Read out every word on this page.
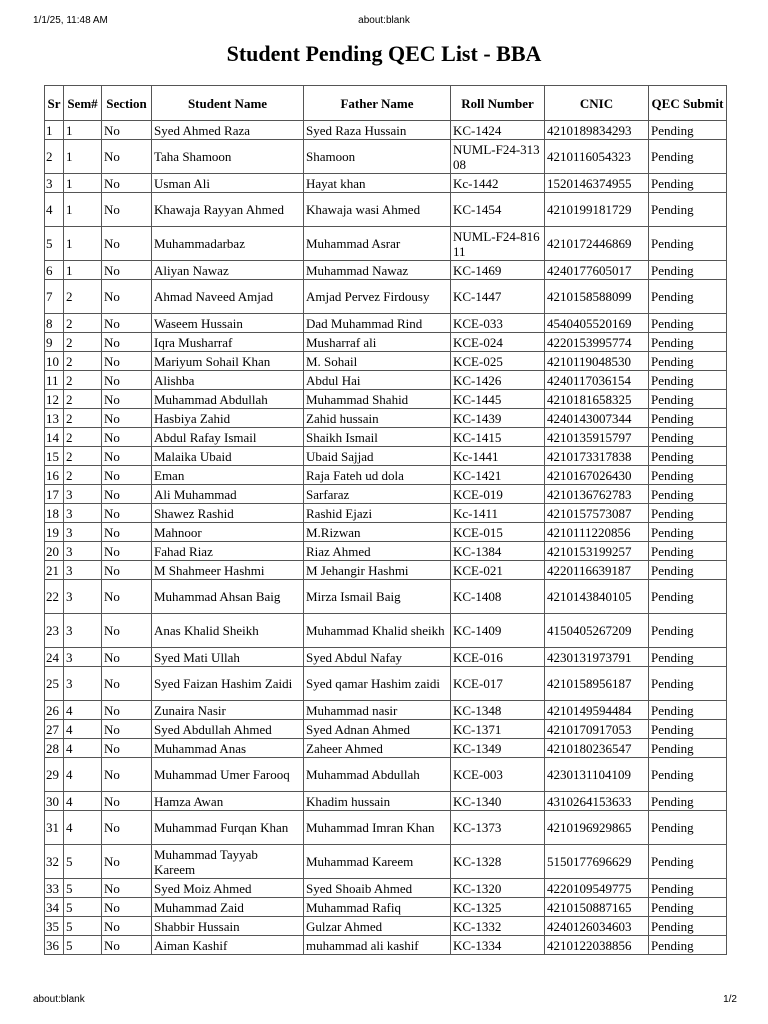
1/1/25, 11:48 AM	about:blank
Student Pending QEC List - BBA
Sr	Sem#	Section	Student Name	Father Name	Roll Number	CNIC	QEC Submit
1	1	No	Syed Ahmed Raza	Syed Raza Hussain	KC-1424	4210189834293	Pending
2	1	No	Taha Shamoon	Shamoon	NUML-F24-31308	4210116054323	Pending
3	1	No	Usman Ali	Hayat khan	Kc-1442	1520146374955	Pending
4	1	No	Khawaja Rayyan Ahmed	Khawaja wasi Ahmed	KC-1454	4210199181729	Pending
5	1	No	Muhammadarbaz	Muhammad Asrar	NUML-F24-81611	4210172446869	Pending
6	1	No	Aliyan Nawaz	Muhammad Nawaz	KC-1469	4240177605017	Pending
7	2	No	Ahmad Naveed Amjad	Amjad Pervez Firdousy	KC-1447	4210158588099	Pending
8	2	No	Waseem Hussain	Dad Muhammad Rind	KCE-033	4540405520169	Pending
9	2	No	Iqra Musharraf	Musharraf ali	KCE-024	4220153995774	Pending
10	2	No	Mariyum Sohail Khan	M. Sohail	KCE-025	4210119048530	Pending
11	2	No	Alishba	Abdul Hai	KC-1426	4240117036154	Pending
12	2	No	Muhammad Abdullah	Muhammad Shahid	KC-1445	4210181658325	Pending
13	2	No	Hasbiya Zahid	Zahid hussain	KC-1439	4240143007344	Pending
14	2	No	Abdul Rafay Ismail	Shaikh Ismail	KC-1415	4210135915797	Pending
15	2	No	Malaika Ubaid	Ubaid Sajjad	Kc-1441	4210173317838	Pending
16	2	No	Eman	Raja Fateh ud dola	KC-1421	4210167026430	Pending
17	3	No	Ali Muhammad	Sarfaraz	KCE-019	4210136762783	Pending
18	3	No	Shawez Rashid	Rashid Ejazi	Kc-1411	4210157573087	Pending
19	3	No	Mahnoor	M.Rizwan	KCE-015	4210111220856	Pending
20	3	No	Fahad Riaz	Riaz Ahmed	KC-1384	4210153199257	Pending
21	3	No	M Shahmeer Hashmi	M Jehangir Hashmi	KCE-021	4220116639187	Pending
22	3	No	Muhammad Ahsan Baig	Mirza Ismail Baig	KC-1408	4210143840105	Pending
23	3	No	Anas Khalid Sheikh	Muhammad Khalid sheikh	KC-1409	4150405267209	Pending
24	3	No	Syed Mati Ullah	Syed Abdul Nafay	KCE-016	4230131973791	Pending
25	3	No	Syed Faizan Hashim Zaidi	Syed qamar Hashim zaidi	KCE-017	4210158956187	Pending
26	4	No	Zunaira Nasir	Muhammad nasir	KC-1348	4210149594484	Pending
27	4	No	Syed Abdullah Ahmed	Syed Adnan Ahmed	KC-1371	4210170917053	Pending
28	4	No	Muhammad Anas	Zaheer Ahmed	KC-1349	4210180236547	Pending
29	4	No	Muhammad Umer Farooq	Muhammad Abdullah	KCE-003	4230131104109	Pending
30	4	No	Hamza Awan	Khadim hussain	KC-1340	4310264153633	Pending
31	4	No	Muhammad Furqan Khan	Muhammad Imran Khan	KC-1373	4210196929865	Pending
32	5	No	Muhammad Tayyab Kareem	Muhammad Kareem	KC-1328	5150177696629	Pending
33	5	No	Syed Moiz Ahmed	Syed Shoaib Ahmed	KC-1320	4220109549775	Pending
34	5	No	Muhammad Zaid	Muhammad Rafiq	KC-1325	4210150887165	Pending
35	5	No	Shabbir Hussain	Gulzar Ahmed	KC-1332	4240126034603	Pending
36	5	No	Aiman Kashif	muhammad ali kashif	KC-1334	4210122038856	Pending
about:blank	1/2
